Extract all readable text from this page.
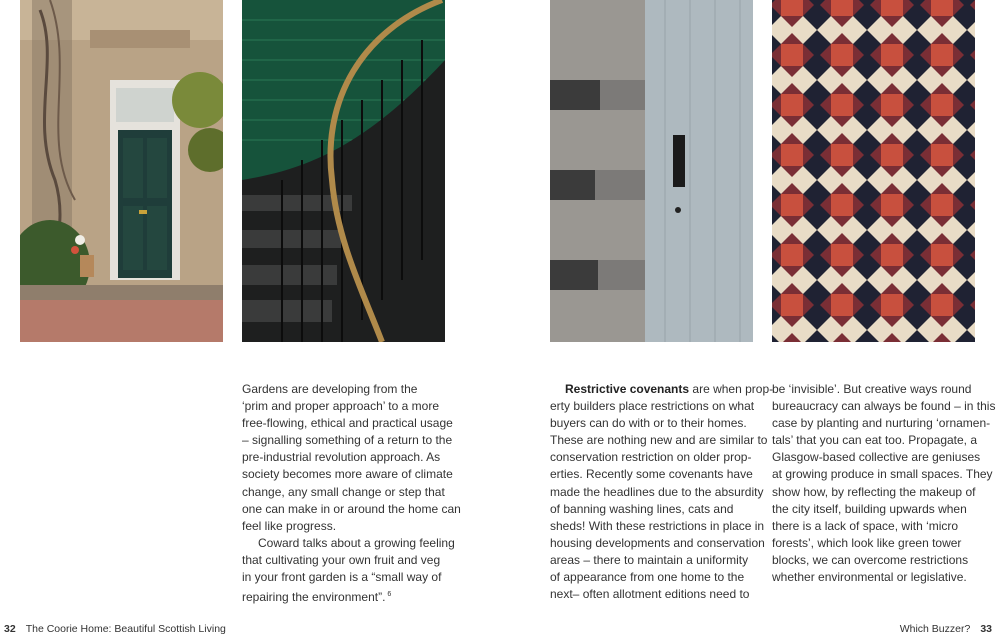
Gardens are developing from the
‘prim and proper approach’ to a more
free-flowing, ethical and practical usage
– signalling something of a return to the
pre-industrial revolution approach. As
society becomes more aware of climate
change, any small change or step that
one can make in or around the home can
feel like progress.

Coward talks about a growing feeling
that cultivating your own fruit and veg
in your front garden is a “small way of
repairing the environment”. $^6$

Restrictive covenants are when prop-
erty builders place restrictions on what
buyers can do with or to their homes.
These are nothing new and are similar to
conservation restriction on older prop-
erties. Recently some covenants have
made the headlines due to the absurdity
of banning washing lines, cats and
sheds! With these restrictions in place in
housing developments and conservation
areas – there to maintain a uniformity
of appearance from one home to the
next– often allotment editions need to

be ‘invisible’. But creative ways round
bureaucracy can always be found – in this
case by planting and nurturing ‘ornamen-
tals’ that you can eat too. Propagate, a
Glasgow-based collective are geniuses
at growing produce in small spaces. They
show how, by reflecting the makeup of
the city itself, building upwards when
there is a lack of space, with ‘micro
forests’, which look like green tower
blocks, we can overcome restrictions
whether environmental or legislative.

32 The Coorie Home: Beautiful Scottish Living	Which Buzzer? 33
